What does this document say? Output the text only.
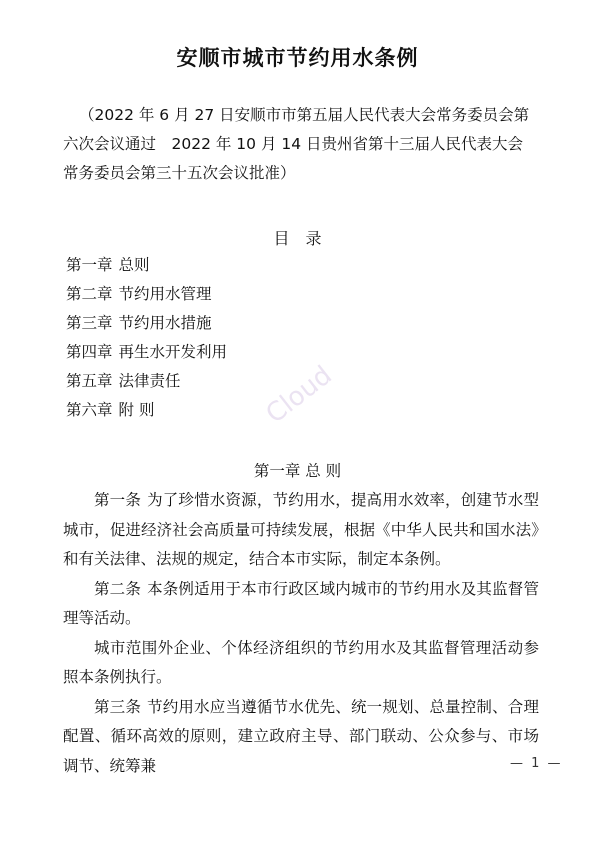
安顺市城市节约用水条例
（2022 年 6 月 27 日安顺市市第五届人民代表大会常务委员会第六次会议通过　2022 年 10 月 14 日贵州省第十三届人民代表大会常务委员会第三十五次会议批准）
目录
第一章 总则
第二章 节约用水管理
第三章 节约用水措施
第四章 再生水开发利用
第五章 法律责任
第六章 附 则	Cloud
第一章 总 则

第一条 为了珍惜水资源，节约用水，提高用水效率，创建节水型城市，促进经济社会高质量可持续发展，根据《中华人民共和国水法》和有关法律、法规的规定，结合本市实际，制定本条例。

第二条 本条例适用于本市行政区域内城市的节约用水及其监督管理等活动。

城市范围外企业、个体经济组织的节约用水及其监督管理活动参照本条例执行。

第三条 节约用水应当遵循节水优先、统一规划、总量控制、合理配置、循环高效的原则，建立政府主导、部门联动、公众参与、市场调节、统筹兼	— 1 —
